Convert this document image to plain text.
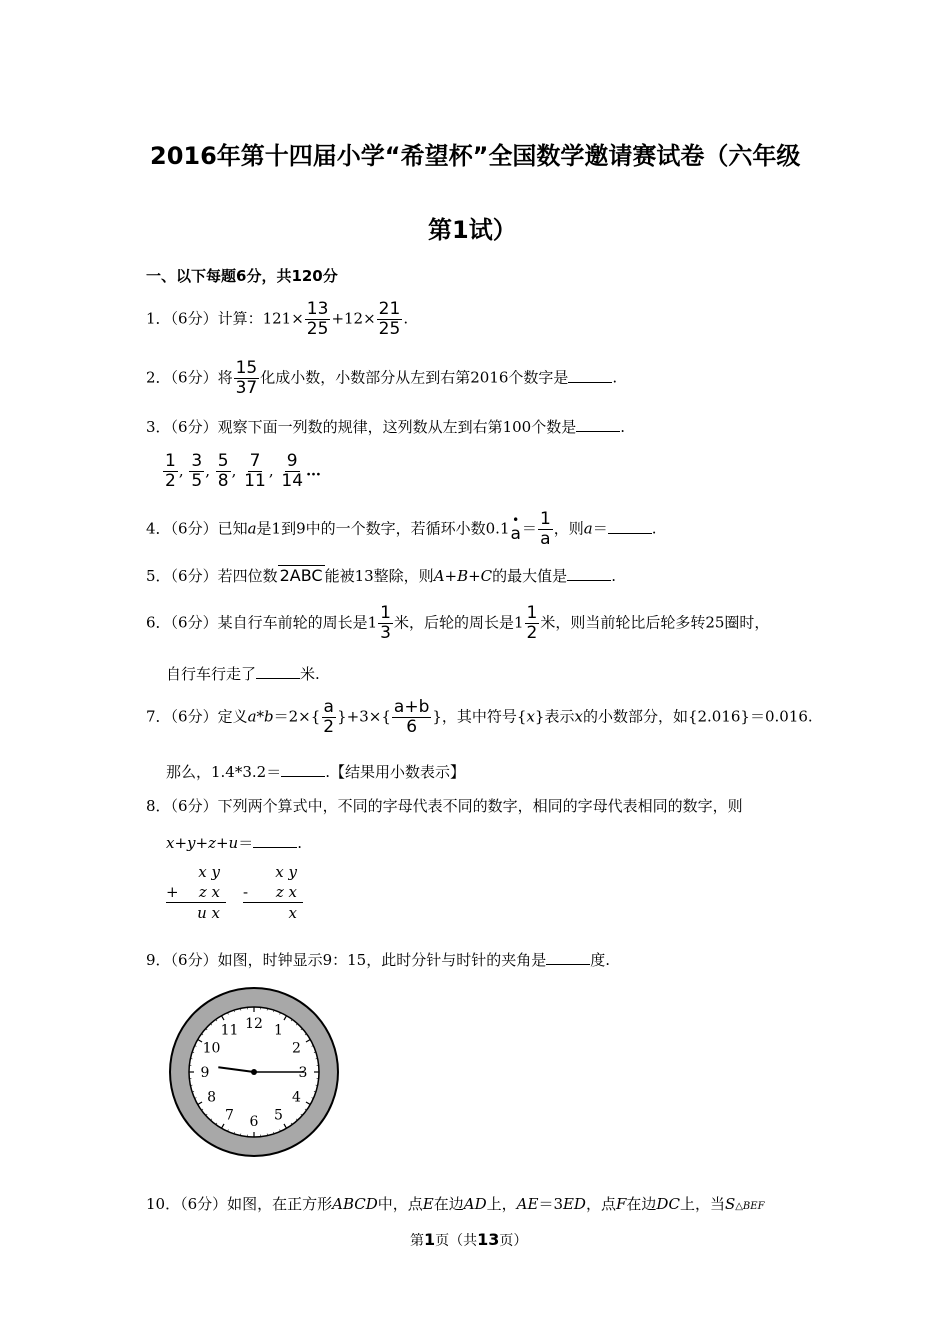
2016年第十四届小学“希望杯”全国数学邀请赛试卷（六年级
第1试）
一、以下每题6分，共120分
1．（6分）计算：$121\times \frac{13}{25} +12\times \frac{21}{25}$ .
2．（6分）将 $\frac{15}{37}$ 化成小数，小数部分从左到右第2016个数字是	.
3．（6分）观察下面一列数的规律，这列数从左到右第100个数是	.
$\frac{1}{2}$ , $\frac{3}{5}$ , $\frac{5}{8}$ , $\frac{7}{11}$ , $\frac{9}{14}$ …
4．（6分）已知a是1到9中的一个数字，若循环小数0.1 •
$a = \frac{1}{a}$ ，则a＝	.
5．（6分）若四位数 2ABC 能被13整除，则A+B+C的最大值是	.
6．（6分）某自行车前轮的周长是$1 \frac{1}{3}$ 米，后轮的周长是$1 \frac{1}{2}$ 米，则当前轮比后轮多转25圈时，
自行车行走了	米.
7．（6分）定义$a*b=2\times\{ \frac{a}{2} \}+3\times\{ \frac{a+b}{6}$ }，其中符号{x}表示x的小数部分，如{2.016}＝0.016.
那么，1.4*3.2＝	.【结果用小数表示】
8．（6分）下列两个算式中，不同的字母代表不同的数字，相同的字母代表相同的数字，则
x+y+z+u＝	.
x y
+ z x
u x
x y
- z x
x
9．（6分）如图，时钟显示9：15，此时分针与时针的夹角是	度.
12 1
2
3
4
5
6
7
8
9
10
11
10．（6分）如图，在正方形ABCD中，点E在边AD上，AE＝3ED，点F在边DC上，当S△BEF
第1页（共13页）
